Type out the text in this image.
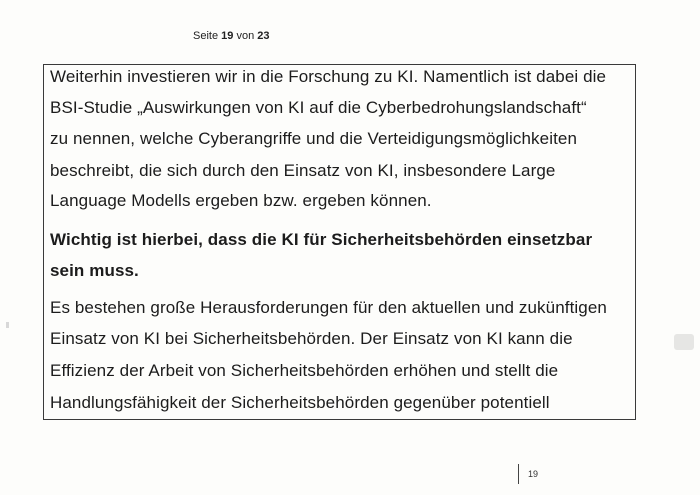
Seite 19 von 23
Weiterhin investieren wir in die Forschung zu KI. Namentlich ist dabei die
BSI-Studie „Auswirkungen von KI auf die Cyberbedrohungslandschaft“
zu nennen, welche Cyberangriffe und die Verteidigungsmöglichkeiten
beschreibt, die sich durch den Einsatz von KI, insbesondere Large
Language Modells ergeben bzw. ergeben können.
Wichtig ist hierbei, dass die KI für Sicherheitsbehörden einsetzbar
sein muss.
Es bestehen große Herausforderungen für den aktuellen und zukünftigen
Einsatz von KI bei Sicherheitsbehörden. Der Einsatz von KI kann die
Effizienz der Arbeit von Sicherheitsbehörden erhöhen und stellt die
Handlungsfähigkeit der Sicherheitsbehörden gegenüber potentiell
19
